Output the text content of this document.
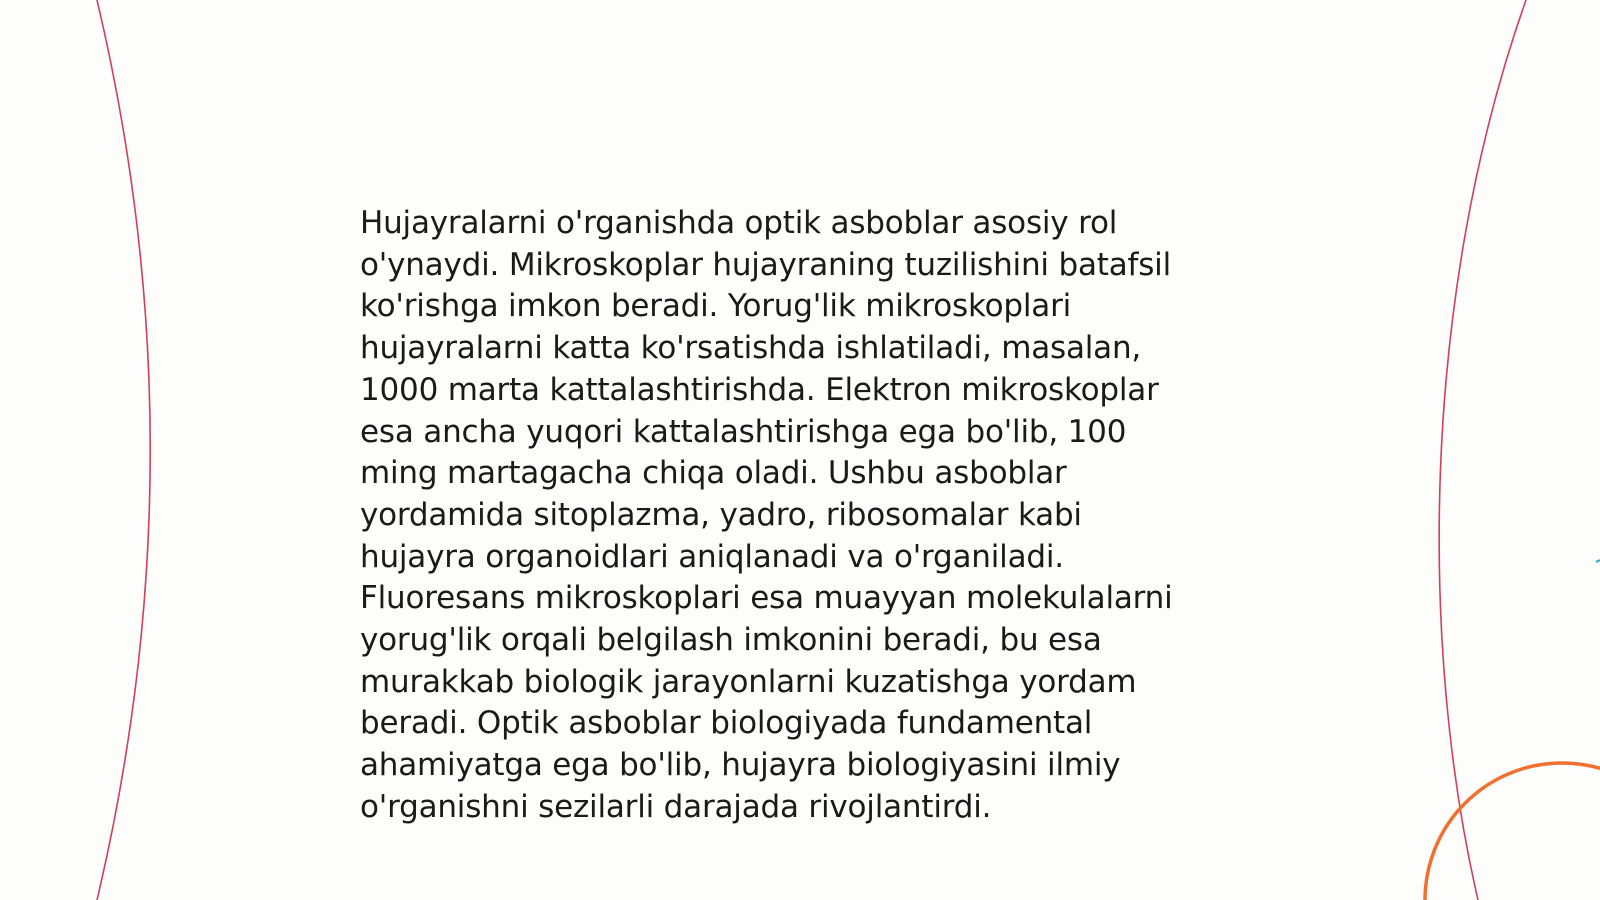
Hujayralarni o'rganishda optik asboblar asosiy rol
o'ynaydi. Mikroskoplar hujayraning tuzilishini batafsil
ko'rishga imkon beradi. Yorug'lik mikroskoplari
hujayralarni katta ko'rsatishda ishlatiladi, masalan,
1000 marta kattalashtirishda. Elektron mikroskoplar
esa ancha yuqori kattalashtirishga ega bo'lib, 100
ming martagacha chiqa oladi. Ushbu asboblar
yordamida sitoplazma, yadro, ribosomalar kabi
hujayra organoidlari aniqlanadi va o'rganiladi.
Fluoresans mikroskoplari esa muayyan molekulalarni
yorug'lik orqali belgilash imkonini beradi, bu esa
murakkab biologik jarayonlarni kuzatishga yordam
beradi. Optik asboblar biologiyada fundamental
ahamiyatga ega bo'lib, hujayra biologiyasini ilmiy
o'rganishni sezilarli darajada rivojlantirdi.
